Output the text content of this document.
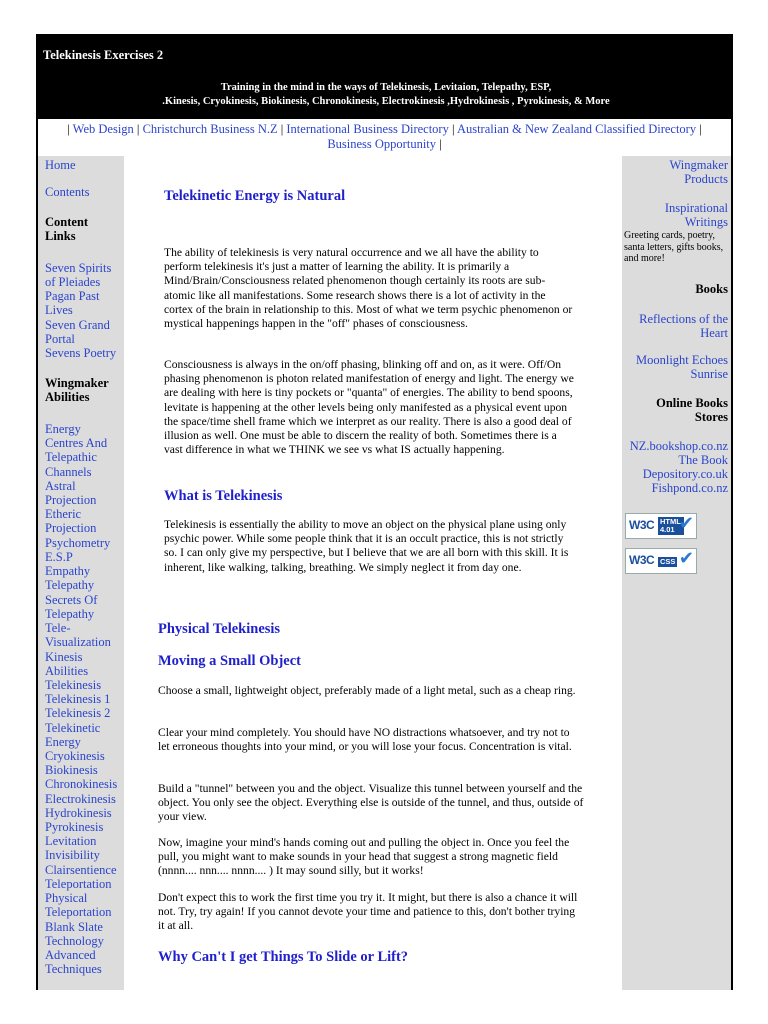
Telekinesis Exercises 2
Training in the mind in the ways of Telekinesis, Levitaion, Telepathy, ESP,
.Kinesis, Cryokinesis, Biokinesis, Chronokinesis, Electrokinesis ,Hydrokinesis , Pyrokinesis, & More
| Web Design | Christchurch Business N.Z | International Business Directory | Australian & New Zealand Classified Directory |
Business Opportunity |
Home
Contents
Content Links
Seven Spirits of Pleiades
Pagan Past Lives
Seven Grand Portal
Sevens Poetry
Wingmaker Abilities
Energy Centres And Telepathic Channels
Astral Projection
Etheric Projection
Psychometry
E.S.P
Empathy
Telepathy
Secrets Of Telepathy
Tele-Visualization
Kinesis Abilities
Telekinesis
Telekinesis 1
Telekinesis 2
Telekinetic Energy
Cryokinesis
Biokinesis
Chronokinesis
Electrokinesis
Hydrokinesis
Pyrokinesis
Levitation
Invisibility
Clairsentience
Teleportation
Physical Teleportation
Blank Slate Technology
Advanced Techniques
Telekinetic Energy is Natural
The ability of telekinesis is very natural occurrence and we all have the ability to perform telekinesis it's just a matter of learning the ability. It is primarily a Mind/Brain/Consciousness related phenomenon though certainly its roots are sub-atomic like all manifestations. Some research shows there is a lot of activity in the cortex of the brain in relationship to this. Most of what we term psychic phenomenon or mystical happenings happen in the "off" phases of consciousness.
Consciousness is always in the on/off phasing, blinking off and on, as it were. Off/On phasing phenomenon is photon related manifestation of energy and light. The energy we are dealing with here is tiny pockets or "quanta" of energies. The ability to bend spoons, levitate is happening at the other levels being only manifested as a physical event upon the space/time shell frame which we interpret as our reality. There is also a good deal of illusion as well. One must be able to discern the reality of both. Sometimes there is a vast difference in what we THINK we see vs what IS actually happening.
What is Telekinesis
Telekinesis is essentially the ability to move an object on the physical plane using only psychic power. While some people think that it is an occult practice, this is not strictly so. I can only give my perspective, but I believe that we are all born with this skill. It is inherent, like walking, talking, breathing. We simply neglect it from day one.
Physical Telekinesis
Moving a Small Object
Choose a small, lightweight object, preferably made of a light metal, such as a cheap ring.
Clear your mind completely. You should have NO distractions whatsoever, and try not to let erroneous thoughts into your mind, or you will lose your focus. Concentration is vital.
Build a "tunnel" between you and the object. Visualize this tunnel between yourself and the object. You only see the object. Everything else is outside of the tunnel, and thus, outside of your view.
Now, imagine your mind's hands coming out and pulling the object in. Once you feel the pull, you might want to make sounds in your head that suggest a strong magnetic field (nnnn.... nnn.... nnnn.... ) It may sound silly, but it works!
Don't expect this to work the first time you try it. It might, but there is also a chance it will not. Try, try again! If you cannot devote your time and patience to this, don't bother trying it at all.
Why Can't I get Things To Slide or Lift?
Wingmaker Products
Inspirational Writings
Greeting cards, poetry, santa letters, gifts books, and more!
Books
Reflections of the Heart
Moonlight Echoes Sunrise
Online Books Stores
NZ.bookshop.co.nz
The Book Depository.co.uk
Fishpond.co.nz
W3C HTML 4.01 ✔
W3C CSS ✔
